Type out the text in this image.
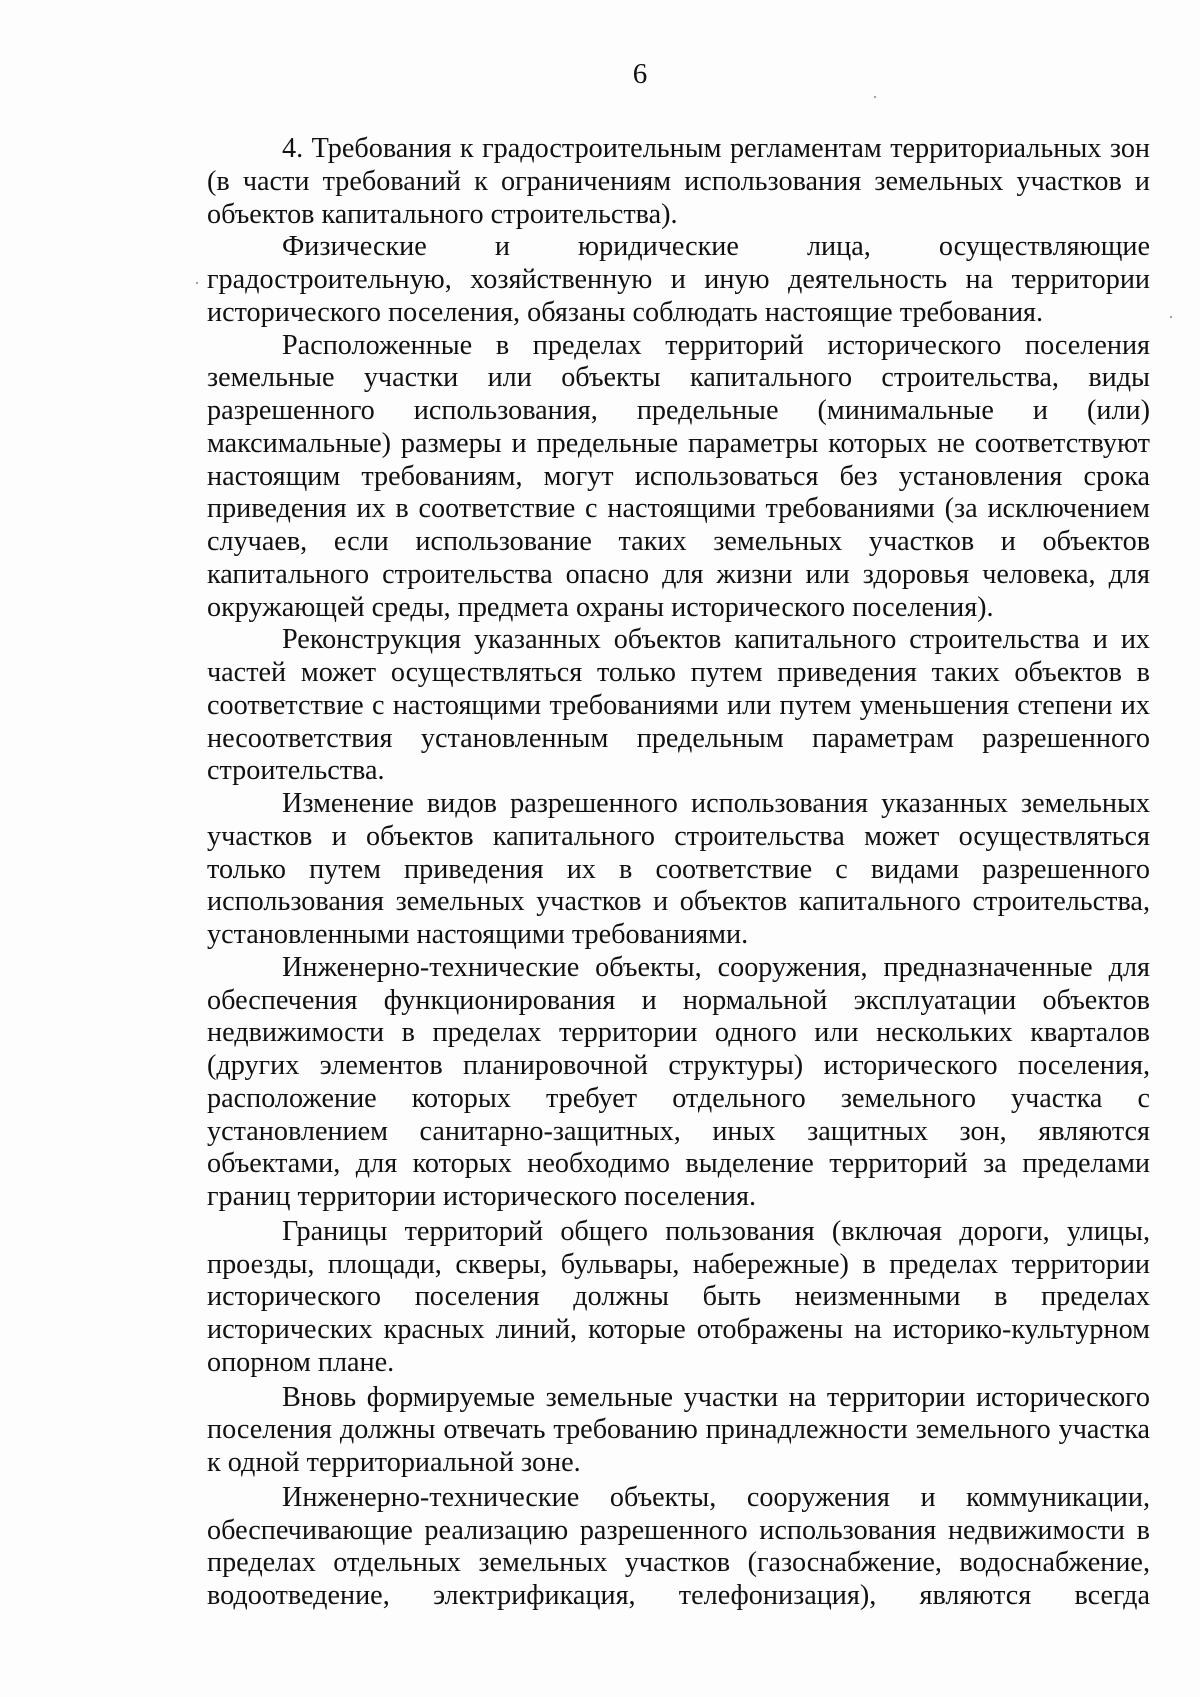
6

4. Требования к градостроительным регламентам территориальных зон (в части требований к ограничениям использования земельных участков и объектов капитального строительства).

Физические и юридические лица, осуществляющие градостроительную, хозяйственную и иную деятельность на территории исторического поселения, обязаны соблюдать настоящие требования.

Расположенные в пределах территорий исторического поселения земельные участки или объекты капитального строительства, виды разрешенного использования, предельные (минимальные и (или) максимальные) размеры и предельные параметры которых не соответствуют настоящим требованиям, могут использоваться без установления срока приведения их в соответствие с настоящими требованиями (за исключением случаев, если использование таких земельных участков и объектов капитального строительства опасно для жизни или здоровья человека, для окружающей среды, предмета охраны исторического поселения).

Реконструкция указанных объектов капитального строительства и их частей может осуществляться только путем приведения таких объектов в соответствие с настоящими требованиями или путем уменьшения степени их несоответствия установленным предельным параметрам разрешенного строительства.

Изменение видов разрешенного использования указанных земельных участков и объектов капитального строительства может осуществляться только путем приведения их в соответствие с видами разрешенного использования земельных участков и объектов капитального строительства, установленными настоящими требованиями.

Инженерно-технические объекты, сооружения, предназначенные для обеспечения функционирования и нормальной эксплуатации объектов недвижимости в пределах территории одного или нескольких кварталов (других элементов планировочной структуры) исторического поселения, расположение которых требует отдельного земельного участка с установлением санитарно-защитных, иных защитных зон, являются объектами, для которых необходимо выделение территорий за пределами границ территории исторического поселения.

Границы территорий общего пользования (включая дороги, улицы, проезды, площади, скверы, бульвары, набережные) в пределах территории исторического поселения должны быть неизменными в пределах исторических красных линий, которые отображены на историко-культурном опорном плане.

Вновь формируемые земельные участки на территории исторического поселения должны отвечать требованию принадлежности земельного участка к одной территориальной зоне.

Инженерно-технические объекты, сооружения и коммуникации, обеспечивающие реализацию разрешенного использования недвижимости в пределах отдельных земельных участков (газоснабжение, водоснабжение, водоотведение, электрификация, телефонизация), являются всегда
